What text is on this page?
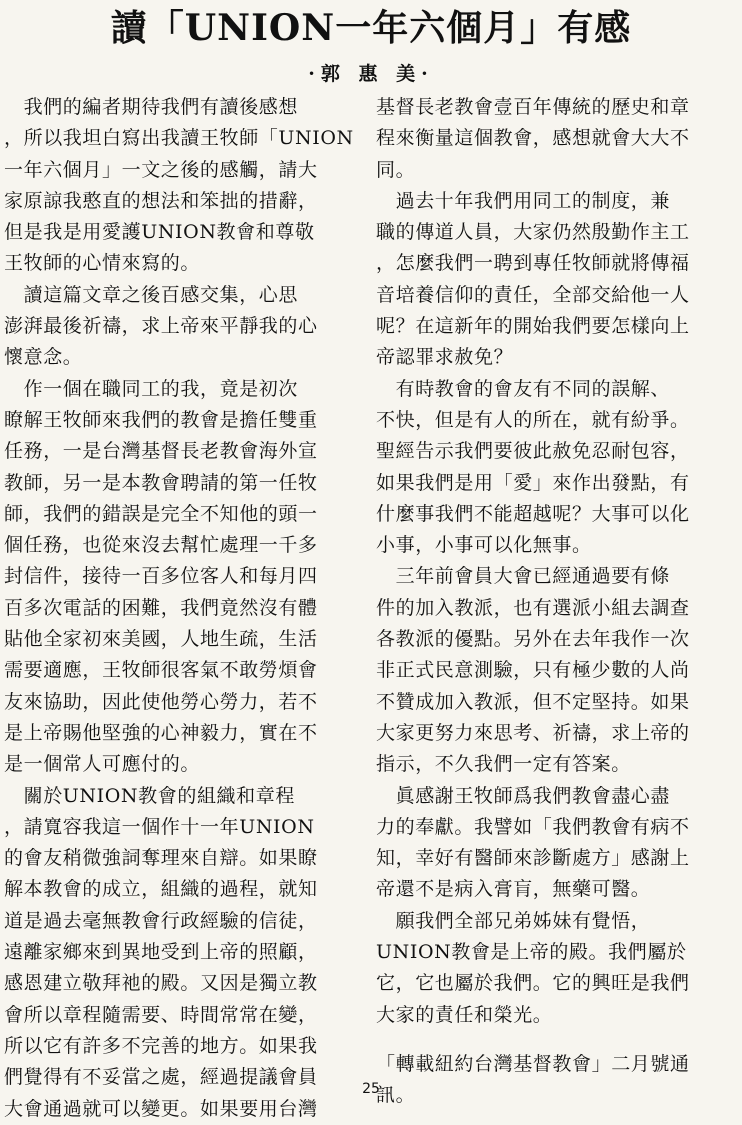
讀「UNION一年六個月」有感
·郭 惠 美·
　我們的編者期待我們有讀後感想
，所以我坦白寫出我讀王牧師「UNION
一年六個月」一文之後的感觸，請大
家原諒我憨直的想法和笨拙的措辭，
但是我是用愛護UNION教會和尊敬
王牧師的心情來寫的。
　讀這篇文章之後百感交集，心思
澎湃最後祈禱，求上帝來平靜我的心
懷意念。
　作一個在職同工的我，竟是初次
瞭解王牧師來我們的教會是擔任雙重
任務，一是台灣基督長老教會海外宣
教師，另一是本教會聘請的第一任牧
師，我們的錯誤是完全不知他的頭一
個任務，也從來沒去幫忙處理一千多
封信件，接待一百多位客人和每月四
百多次電話的困難，我們竟然沒有體
貼他全家初來美國，人地生疏，生活
需要適應，王牧師很客氣不敢勞煩會
友來協助，因此使他勞心勞力，若不
是上帝賜他堅強的心神毅力，實在不
是一個常人可應付的。
　關於UNION教會的組織和章程
，請寬容我這一個作十一年UNION
的會友稍微強詞奪理來自辯。如果瞭
解本教會的成立，組織的過程，就知
道是過去毫無教會行政經驗的信徒，
遠離家鄉來到異地受到上帝的照顧，
感恩建立敬拜祂的殿。又因是獨立教
會所以章程隨需要、時間常常在變，
所以它有許多不完善的地方。如果我
們覺得有不妥當之處，經過提議會員
大會通過就可以變更。如果要用台灣
基督長老教會壹百年傳統的歷史和章
程來衡量這個教會，感想就會大大不
同。
　過去十年我們用同工的制度，兼
職的傳道人員，大家仍然殷勤作主工
，怎麼我們一聘到專任牧師就將傳福
音培養信仰的責任，全部交給他一人
呢？在這新年的開始我們要怎樣向上
帝認罪求赦免？
　有時教會的會友有不同的誤解、
不快，但是有人的所在，就有紛爭。
聖經告示我們要彼此赦免忍耐包容，
如果我們是用「愛」來作出發點，有
什麼事我們不能超越呢？大事可以化
小事，小事可以化無事。
　三年前會員大會已經通過要有條
件的加入教派，也有選派小組去調查
各教派的優點。另外在去年我作一次
非正式民意測驗，只有極少數的人尚
不贊成加入教派，但不定堅持。如果
大家更努力來思考、祈禱，求上帝的
指示，不久我們一定有答案。
　眞感謝王牧師爲我們教會盡心盡
力的奉獻。我譬如「我們教會有病不
知，幸好有醫師來診斷處方」感謝上
帝還不是病入膏肓，無藥可醫。
　願我們全部兄弟姊妹有覺悟，
UNION教會是上帝的殿。我們屬於
它，它也屬於我們。它的興旺是我們
大家的責任和榮光。
「轉載紐約台灣基督教會」二月號通
訊。
25
